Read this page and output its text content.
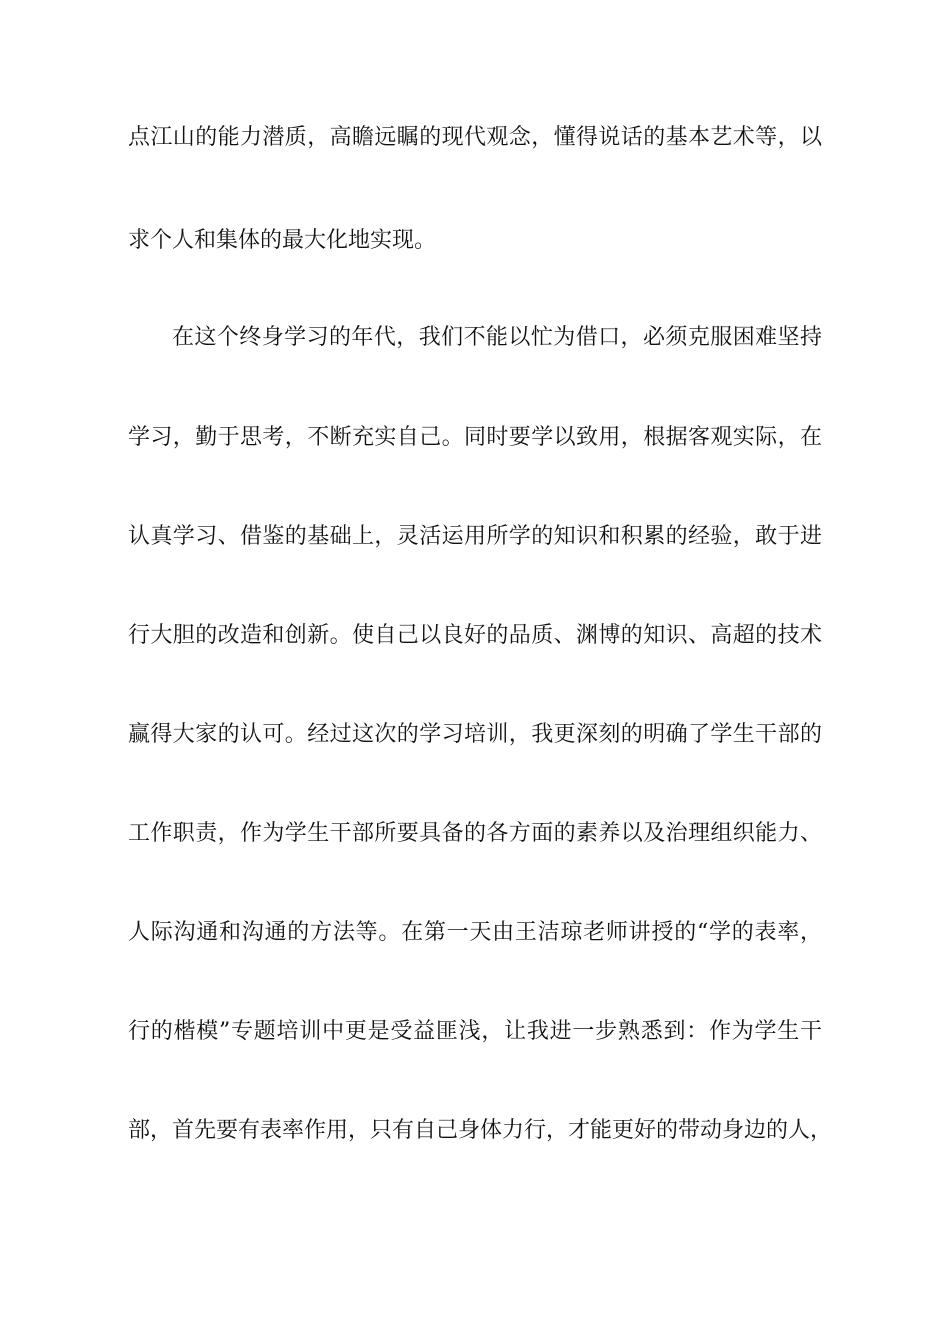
点江山的能力潜质，高瞻远瞩的现代观念，懂得说话的基本艺术等，以
求个人和集体的最大化地实现。
在这个终身学习的年代，我们不能以忙为借口，必须克服困难坚持
学习，勤于思考，不断充实自己。同时要学以致用，根据客观实际，在
认真学习、借鉴的基础上，灵活运用所学的知识和积累的经验，敢于进
行大胆的改造和创新。使自己以良好的品质、渊博的知识、高超的技术
赢得大家的认可。经过这次的学习培训，我更深刻的明确了学生干部的
工作职责，作为学生干部所要具备的各方面的素养以及治理组织能力、
人际沟通和沟通的方法等。在第一天由王洁琼老师讲授的“学的表率，
行的楷模”专题培训中更是受益匪浅，让我进一步熟悉到：作为学生干
部，首先要有表率作用，只有自己身体力行，才能更好的带动身边的人，
